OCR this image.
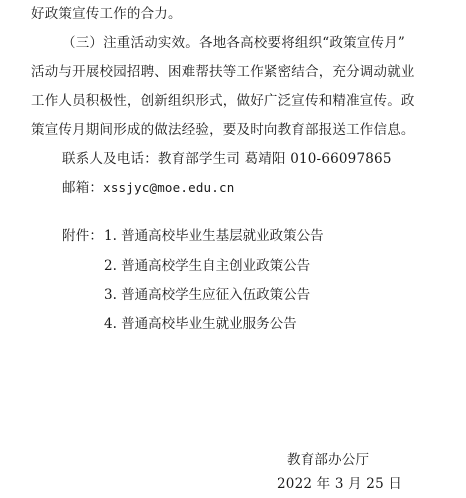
好政策宣传工作的合力。
（三）注重活动实效。各地各高校要将组织“政策宣传月”
活动与开展校园招聘、困难帮扶等工作紧密结合，充分调动就业
工作人员积极性，创新组织形式，做好广泛宣传和精准宣传。政
策宣传月期间形成的做法经验，要及时向教育部报送工作信息。
联系人及电话：教育部学生司 葛靖阳 010-66097865
邮箱：xssjyc@moe.edu.cn
附件： 1. 普通高校毕业生基层就业政策公告
2. 普通高校学生自主创业政策公告
3. 普通高校学生应征入伍政策公告
4. 普通高校毕业生就业服务公告
教育部办公厅
2022 年 3 月 25 日
